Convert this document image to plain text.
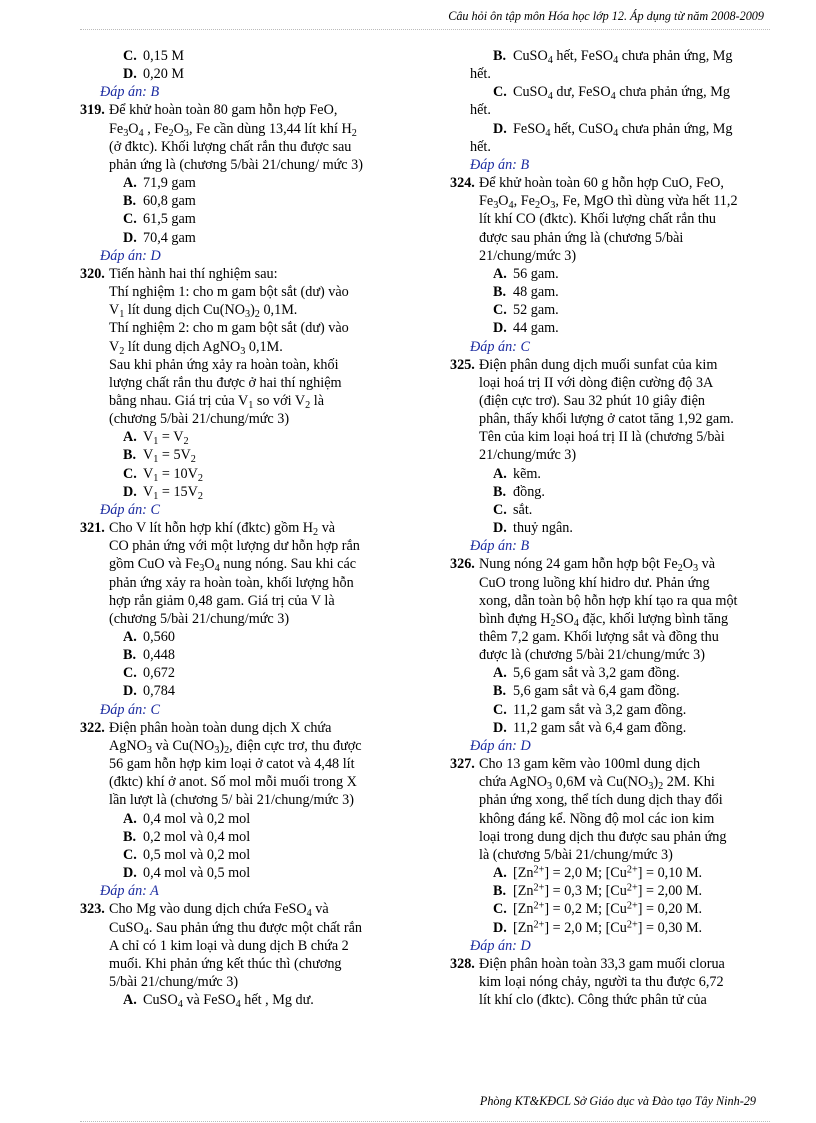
Câu hỏi ôn tập môn Hóa học lớp 12. Áp dụng từ năm 2008-2009
C. 0,15 M
D. 0,20 M
Đáp án: B
319. Để khử hoàn toàn 80 gam hỗn hợp FeO,
$Fe_3O_4$ , $Fe_2O_3$, Fe cần dùng 13,44 lít khí $H_2$
(ở đktc). Khối lượng chất rắn thu được sau
phản ứng là (chương 5/bài 21/chung/ mức 3)
A. 71,9 gam
B. 60,8 gam
C. 61,5 gam
D. 70,4 gam
Đáp án: D
320. Tiến hành hai thí nghiệm sau:
Thí nghiệm 1: cho m gam bột sắt (dư) vào
$V_1$ lít dung dịch $Cu(NO_3)_2$ 0,1M.
Thí nghiệm 2: cho m gam bột sắt (dư) vào
$V_2$ lít dung dịch AgNO$_3$ 0,1M.
Sau khi phản ứng xảy ra hoàn toàn, khối
lượng chất rắn thu được ở hai thí nghiệm
bằng nhau. Giá trị của $V_1$ so với $V_2$ là
(chương 5/bài 21/chung/mức 3)
A. $V_1 = V_2$
B. $V_1 = 5V_2$
C. $V_1 = 10V_2$
D. $V_1 = 15V_2$
Đáp án: C
321. Cho V lít hỗn hợp khí (đktc) gồm $H_2$ và
CO phản ứng với một lượng dư hỗn hợp rắn
gồm CuO và $Fe_3O_4$ nung nóng. Sau khi các
phản ứng xảy ra hoàn toàn, khối lượng hỗn
hợp rắn giảm 0,48 gam. Giá trị của V là
(chương 5/bài 21/chung/mức 3)
A. 0,560
B. 0,448
C. 0,672
D. 0,784
Đáp án: C
322. Điện phân hoàn toàn dung dịch X chứa
AgNO$_3$ và $Cu(NO_3)_2$, điện cực trơ, thu được
56 gam hỗn hợp kim loại ở catot và 4,48 lít
(đktc) khí ở anot. Số mol mỗi muối trong X
lần lượt là (chương 5/ bài 21/chung/mức 3)
A. 0,4 mol và 0,2 mol
B. 0,2 mol và 0,4 mol
C. 0,5 mol và 0,2 mol
D. 0,4 mol và 0,5 mol
Đáp án: A
323. Cho Mg vào dung dịch chứa FeSO$_4$ và
CuSO$_4$. Sau phản ứng thu được một chất rắn
A chỉ có 1 kim loại và dung dịch B chứa 2
muối. Khi phản ứng kết thúc thì (chương
5/bài 21/chung/mức 3)
A. CuSO$_4$ và FeSO$_4$ hết , Mg dư.
B. CuSO$_4$ hết, FeSO$_4$ chưa phản ứng, Mg
hết.
C. CuSO$_4$ dư, FeSO$_4$ chưa phản ứng, Mg
hết.
D. FeSO$_4$ hết, CuSO$_4$ chưa phản ứng, Mg
hết.
Đáp án: B
324. Để khử hoàn toàn 60 g hỗn hợp CuO, FeO,
$Fe_3O_4$, $Fe_2O_3$, Fe, MgO thì dùng vừa hết 11,2
lít khí CO (đktc). Khối lượng chất rắn thu
được sau phản ứng là (chương 5/bài
21/chung/mức 3)
A. 56 gam.
B. 48 gam.
C. 52 gam.
D. 44 gam.
Đáp án: C
325. Điện phân dung dịch muối sunfat của kim
loại hoá trị II với dòng điện cường độ 3A
(điện cực trơ). Sau 32 phút 10 giây điện
phân, thấy khối lượng ở catot tăng 1,92 gam.
Tên của kim loại hoá trị II là (chương 5/bài
21/chung/mức 3)
A. kẽm.
B. đồng.
C. sắt.
D. thuỷ ngân.
Đáp án: B
326. Nung nóng 24 gam hỗn hợp bột $Fe_2O_3$ và
CuO trong luồng khí hidro dư. Phản ứng
xong, dẫn toàn bộ hỗn hợp khí tạo ra qua một
bình đựng $H_2SO_4$ đặc, khối lượng bình tăng
thêm 7,2 gam. Khối lượng sắt và đồng thu
được là (chương 5/bài 21/chung/mức 3)
A. 5,6 gam sắt và 3,2 gam đồng.
B. 5,6 gam sắt và 6,4 gam đồng.
C. 11,2 gam sắt và 3,2 gam đồng.
D. 11,2 gam sắt và 6,4 gam đồng.
Đáp án: D
327. Cho 13 gam kẽm vào 100ml dung dịch
chứa AgNO$_3$ 0,6M và $Cu(NO_3)_2$ 2M. Khi
phản ứng xong, thể tích dung dịch thay đổi
không đáng kể. Nồng độ mol các ion kim
loại trong dung dịch thu được sau phản ứng
là (chương 5/bài 21/chung/mức 3)
A. $[Zn^{2+}] = 2,0$ M; $[Cu^{2+}] = 0,10$ M.
B. $[Zn^{2+}] = 0,3$ M; $[Cu^{2+}] = 2,00$ M.
C. $[Zn^{2+}] = 0,2$ M; $[Cu^{2+}] = 0,20$ M.
D. $[Zn^{2+}] = 2,0$ M; $[Cu^{2+}] = 0,30$ M.
Đáp án: D
328. Điện phân hoàn toàn 33,3 gam muối clorua
kim loại nóng chảy, người ta thu được 6,72
lít khí clo (đktc). Công thức phân tử của
Phòng KT&KĐCL Sở Giáo dục và Đào tạo Tây Ninh-29
